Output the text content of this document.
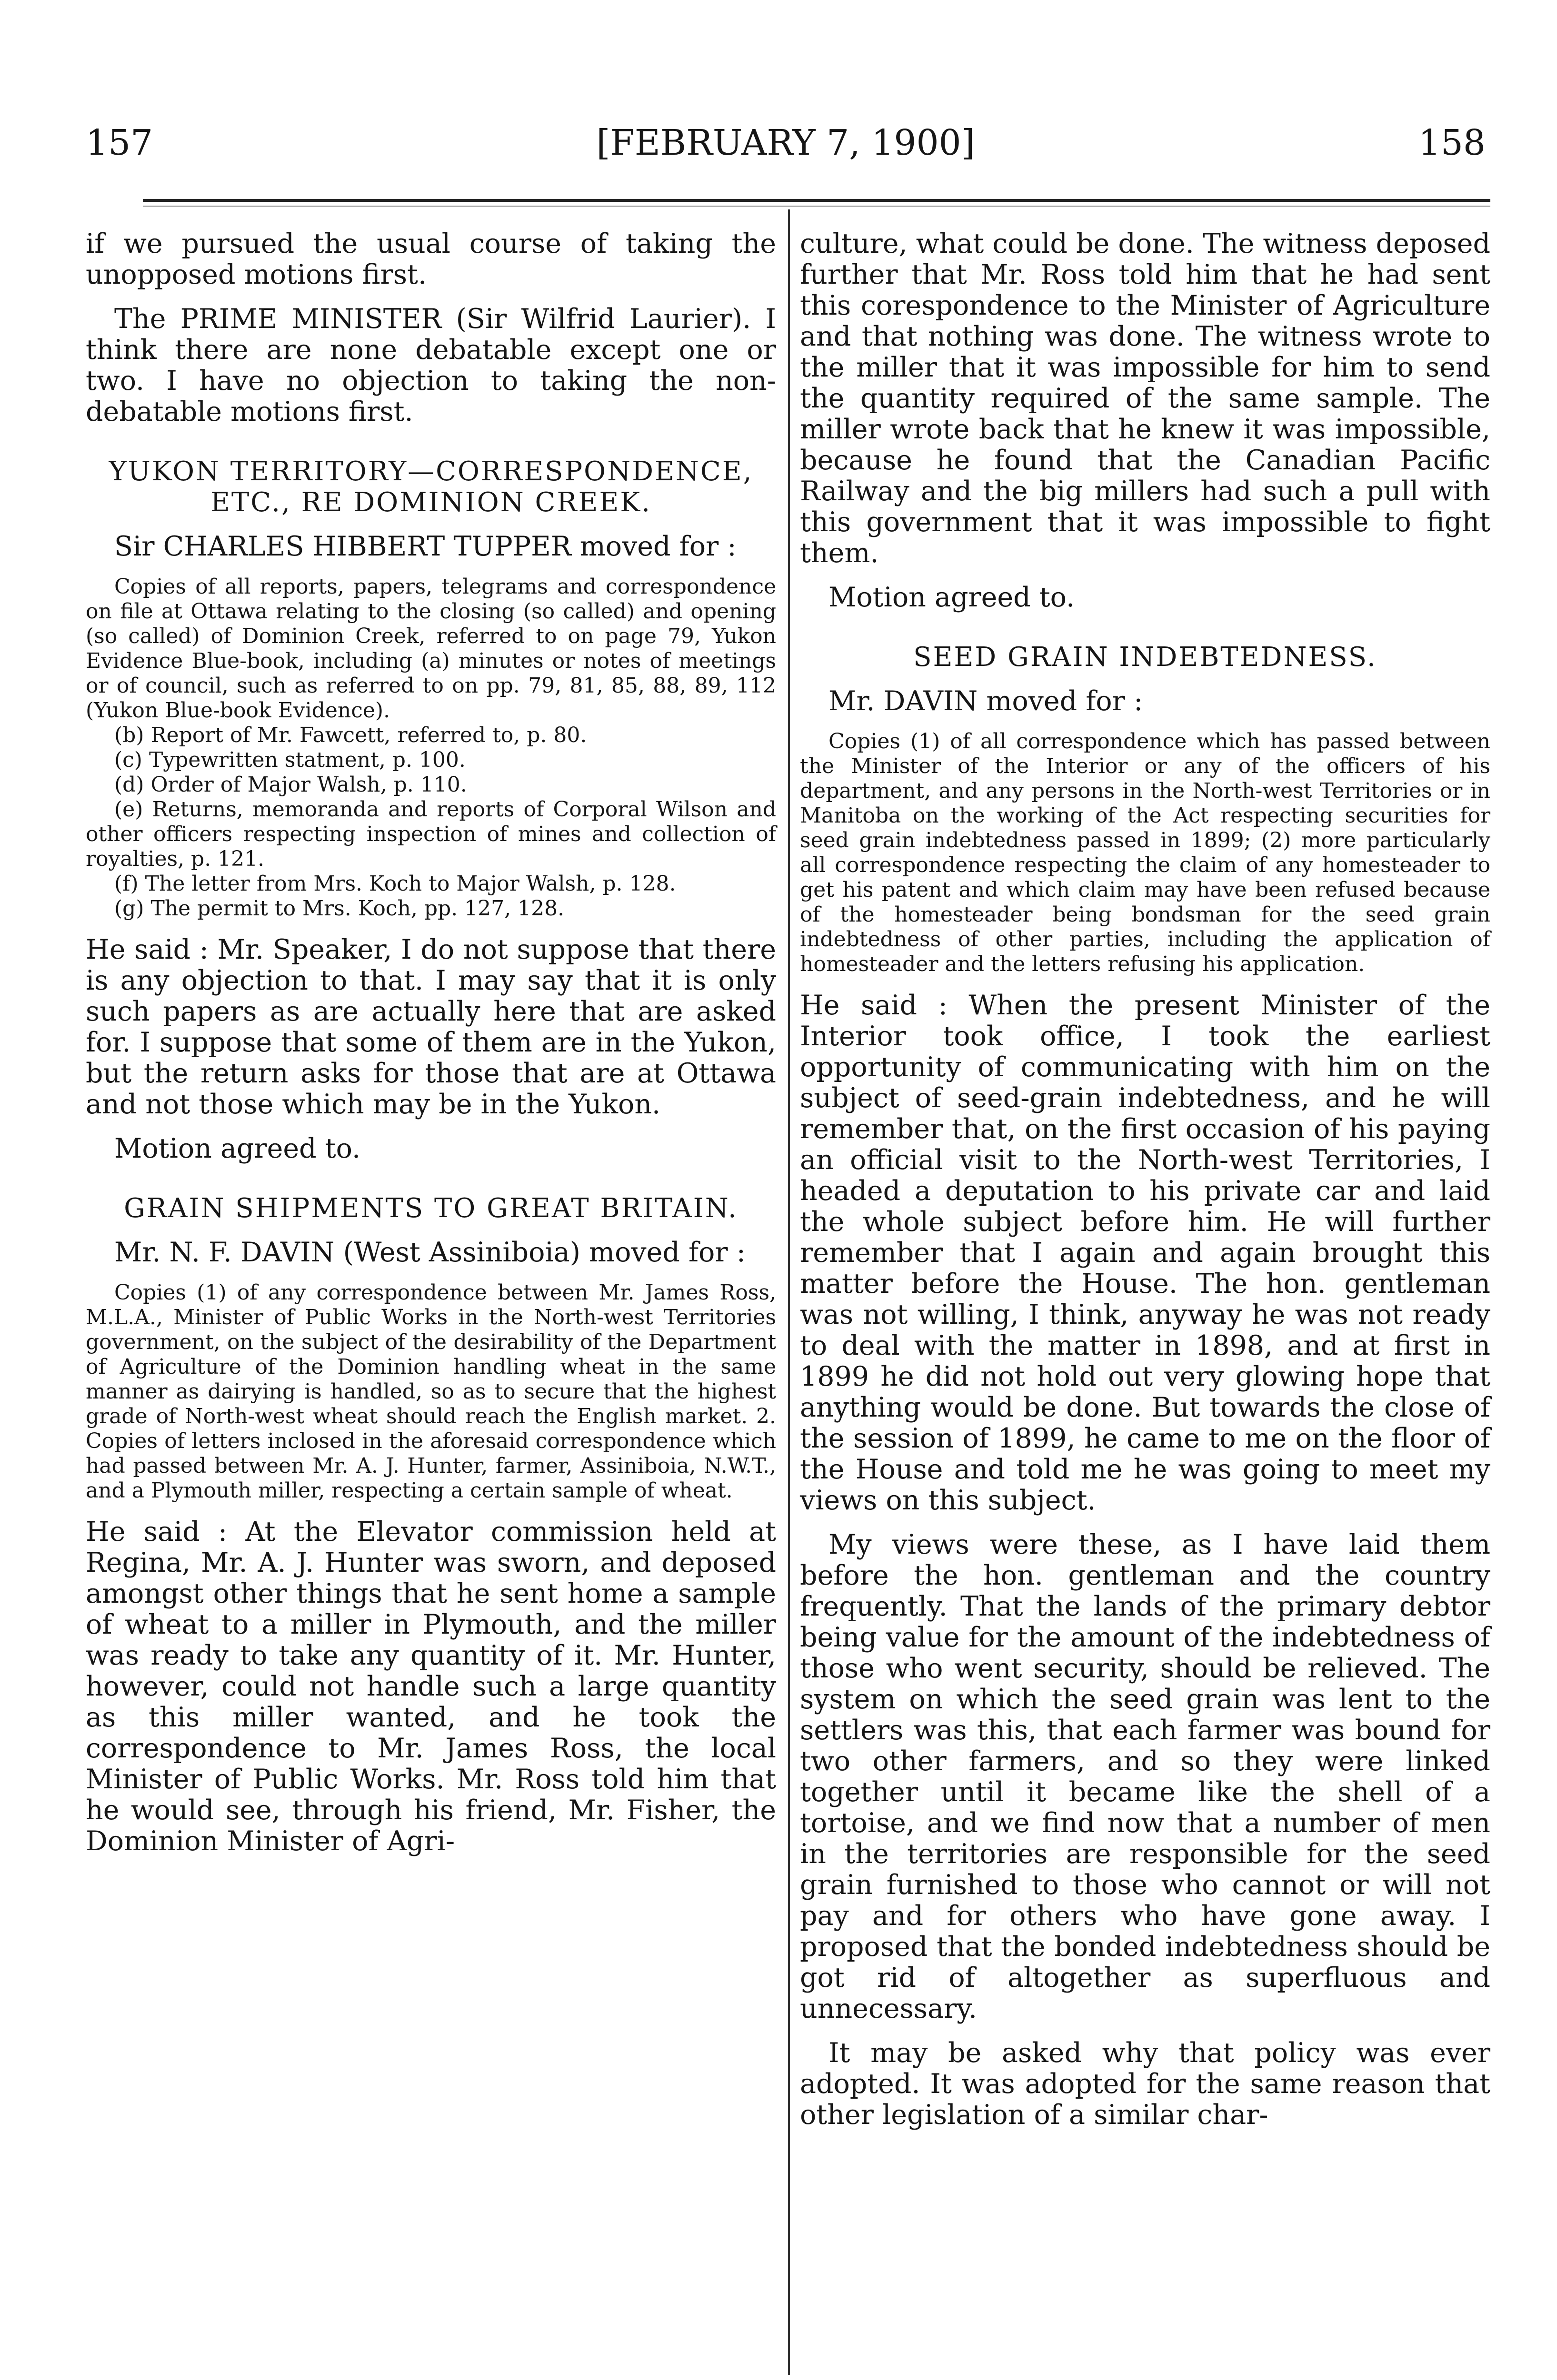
157	[FEBRUARY 7, 1900]	158

if we pursued the usual course of taking the unopposed motions first.

The PRIME MINISTER (Sir Wilfrid Laurier). I think there are none debatable except one or two. I have no objection to taking the non-debatable motions first.

YUKON TERRITORY—CORRESPONDENCE, ETC., RE DOMINION CREEK.

Sir CHARLES HIBBERT TUPPER moved for :

Copies of all reports, papers, telegrams and correspondence on file at Ottawa relating to the closing (so called) and opening (so called) of Dominion Creek, referred to on page 79, Yukon Evidence Blue-book, including (a) minutes or notes of meetings or of council, such as referred to on pp. 79, 81, 85, 88, 89, 112 (Yukon Blue-book Evidence).

(b) Report of Mr. Fawcett, referred to, p. 80.

(c) Typewritten statment, p. 100.

(d) Order of Major Walsh, p. 110.

(e) Returns, memoranda and reports of Corporal Wilson and other officers respecting inspection of mines and collection of royalties, p. 121.

(f) The letter from Mrs. Koch to Major Walsh, p. 128.

(g) The permit to Mrs. Koch, pp. 127, 128.

He said : Mr. Speaker, I do not suppose that there is any objection to that. I may say that it is only such papers as are actually here that are asked for. I suppose that some of them are in the Yukon, but the return asks for those that are at Ottawa and not those which may be in the Yukon.

Motion agreed to.

GRAIN SHIPMENTS TO GREAT BRITAIN.

Mr. N. F. DAVIN (West Assiniboia) moved for :

Copies (1) of any correspondence between Mr. James Ross, M.L.A., Minister of Public Works in the North-west Territories government, on the subject of the desirability of the Department of Agriculture of the Dominion handling wheat in the same manner as dairying is handled, so as to secure that the highest grade of North-west wheat should reach the English market. 2. Copies of letters inclosed in the aforesaid correspondence which had passed between Mr. A. J. Hunter, farmer, Assiniboia, N.W.T., and a Plymouth miller, respecting a certain sample of wheat.

He said : At the Elevator commission held at Regina, Mr. A. J. Hunter was sworn, and deposed amongst other things that he sent home a sample of wheat to a miller in Plymouth, and the miller was ready to take any quantity of it. Mr. Hunter, however, could not handle such a large quantity as this miller wanted, and he took the correspondence to Mr. James Ross, the local Minister of Public Works. Mr. Ross told him that he would see, through his friend, Mr. Fisher, the Dominion Minister of Agri-

culture, what could be done. The witness deposed further that Mr. Ross told him that he had sent this corespondence to the Minister of Agriculture and that nothing was done. The witness wrote to the miller that it was impossible for him to send the quantity required of the same sample. The miller wrote back that he knew it was impossible, because he found that the Canadian Pacific Railway and the big millers had such a pull with this government that it was impossible to fight them.

Motion agreed to.

SEED GRAIN INDEBTEDNESS.

Mr. DAVIN moved for :

Copies (1) of all correspondence which has passed between the Minister of the Interior or any of the officers of his department, and any persons in the North-west Territories or in Manitoba on the working of the Act respecting securities for seed grain indebtedness passed in 1899; (2) more particularly all correspondence respecting the claim of any homesteader to get his patent and which claim may have been refused because of the homesteader being bondsman for the seed grain indebtedness of other parties, including the application of homesteader and the letters refusing his application.

He said : When the present Minister of the Interior took office, I took the earliest opportunity of communicating with him on the subject of seed-grain indebtedness, and he will remember that, on the first occasion of his paying an official visit to the North-west Territories, I headed a deputation to his private car and laid the whole subject before him. He will further remember that I again and again brought this matter before the House. The hon. gentleman was not willing, I think, anyway he was not ready to deal with the matter in 1898, and at first in 1899 he did not hold out very glowing hope that anything would be done. But towards the close of the session of 1899, he came to me on the floor of the House and told me he was going to meet my views on this subject.

My views were these, as I have laid them before the hon. gentleman and the country frequently. That the lands of the primary debtor being value for the amount of the indebtedness of those who went security, should be relieved. The system on which the seed grain was lent to the settlers was this, that each farmer was bound for two other farmers, and so they were linked together until it became like the shell of a tortoise, and we find now that a number of men in the territories are responsible for the seed grain furnished to those who cannot or will not pay and for others who have gone away. I proposed that the bonded indebtedness should be got rid of altogether as superfluous and unnecessary.

It may be asked why that policy was ever adopted. It was adopted for the same reason that other legislation of a similar char-
